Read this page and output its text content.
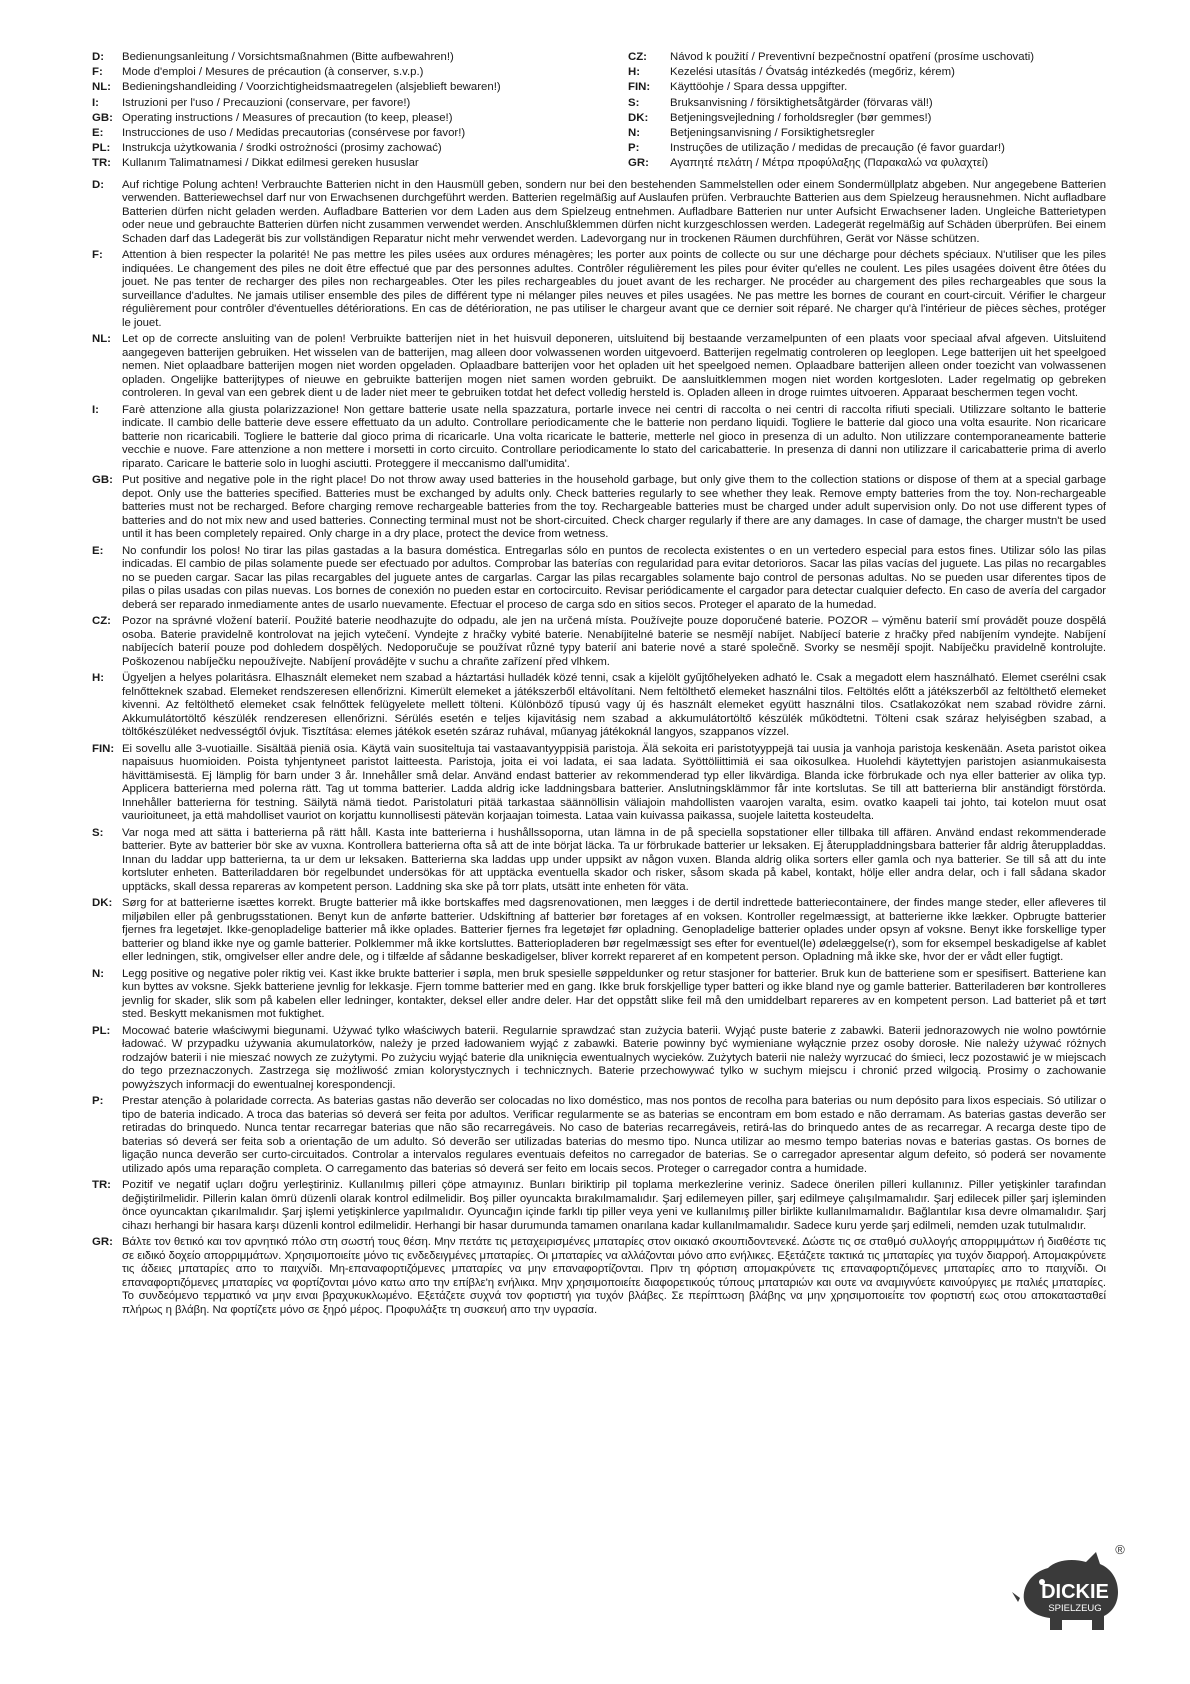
D:	Bedienungsanleitung / Vorsichtsmaßnahmen (Bitte aufbewahren!)
F:	Mode d'emploi / Mesures de précaution (à conserver, s.v.p.)
NL: Bedieningshandleiding / Voorzichtigheidsmaatregelen (alsjeblieft bewaren!)
I:	Istruzioni per l'uso / Precauzioni (conservare, per favore!)
GB: Operating instructions / Measures of precaution (to keep, please!)
E:	Instrucciones de uso / Medidas precautorias (consérvese por favor!)
PL:	Instrukcja użytkowania / środki ostrożności (prosimy zachować)
TR: Kullanım Talimatnamesi / Dikkat edilmesi gereken hususlar
CZ:	Návod k použití / Preventivní bezpečnostní opatření (prosíme uschovati)
H:	Kezelési utasítás / Óvatság intézkedés (megőriz, kérem)
FIN:	Käyttöohje / Spara dessa uppgifter.
S:	Bruksanvisning / försiktighetsåtgärder (förvaras väl!)
DK:	Betjeningsvejledning / forholdsregler (bør gemmes!)
N:	Betjeningsanvisning / Forsiktighetsregler
P:	Instruções de utilização / medidas de precaução (é favor guardar!)
GR:	Αγαπητέ πελάτη / Μέτρα προφύλαξης (Παρακαλώ να φυλαχτεί)
D:	Auf richtige Polung achten! Verbrauchte Batterien nicht in den Hausmüll geben, sondern nur bei den bestehenden Sammelstellen oder einem Sondermüllplatz abgeben. Nur angegebene Batterien verwenden. Batteriewechsel darf nur von Erwachsenen durchgeführt werden. Batterien regelmäßig auf Auslaufen prüfen. Verbrauchte Batterien aus dem Spielzeug herausnehmen. Nicht aufladbare Batterien dürfen nicht geladen werden. Aufladbare Batterien vor dem Laden aus dem Spielzeug entnehmen. Aufladbare Batterien nur unter Aufsicht Erwachsener laden. Ungleiche Batterietypen oder neue und gebrauchte Batterien dürfen nicht zusammen verwendet werden. Anschlußklemmen dürfen nicht kurzgeschlossen werden. Ladegerät regelmäßig auf Schäden überprüfen. Bei einem Schaden darf das Ladegerät bis zur vollständigen Reparatur nicht mehr verwendet werden. Ladevorgang nur in trockenen Räumen durchführen, Gerät vor Nässe schützen.
F:	Attention à bien respecter la polarité! Ne pas mettre les piles usées aux ordures ménagères; les porter aux points de collecte ou sur une décharge pour déchets spéciaux. N'utiliser que les piles indiquées. Le changement des piles ne doit être effectué que par des personnes adultes. Contrôler régulièrement les piles pour éviter qu'elles ne coulent. Les piles usagées doivent être ôtées du jouet. Ne pas tenter de recharger des piles non rechargeables. Oter les piles rechargeables du jouet avant de les recharger. Ne procéder au chargement des piles rechargeables que sous la surveillance d'adultes. Ne jamais utiliser ensemble des piles de différent type ni mélanger piles neuves et piles usagées. Ne pas mettre les bornes de courant en court-circuit. Vérifier le chargeur régulièrement pour contrôler d'éventuelles détériorations. En cas de détérioration, ne pas utiliser le chargeur avant que ce dernier soit réparé. Ne charger qu'à l'intérieur de pièces sèches, protéger le jouet.
NL: Let op de correcte ansluiting van de polen! Verbruikte batterijen niet in het huisvuil deponeren, uitsluitend bij bestaande verzamelpunten of een plaats voor speciaal afval afgeven. Uitsluitend aangegeven batterijen gebruiken. Het wisselen van de batterijen, mag alleen door volwassenen worden uitgevoerd. Batterijen regelmatig controleren op leeglopen. Lege batterijen uit het speelgoed nemen. Niet oplaadbare batterijen mogen niet worden opgeladen. Oplaadbare batterijen voor het opladen uit het speelgoed nemen. Oplaadbare batterijen alleen onder toezicht van volwassenen opladen. Ongelijke batterijtypes of nieuwe en gebruikte batterijen mogen niet samen worden gebruikt. De aansluitklemmen mogen niet worden kortgesloten. Lader regelmatig op gebreken controleren. In geval van een gebrek dient u de lader niet meer te gebruiken totdat het defect volledig hersteld is. Opladen alleen in droge ruimtes uitvoeren. Apparaat beschermen tegen vocht.
I:	Farè attenzione alla giusta polarizzazione! Non gettare batterie usate nella spazzatura, portarle invece nei centri di raccolta o nei centri di raccolta rifiuti speciali. Utilizzare soltanto le batterie indicate. Il cambio delle batterie deve essere effettuato da un adulto. Controllare periodicamente che le batterie non perdano liquidi. Togliere le batterie dal gioco una volta esaurite. Non ricaricare batterie non ricaricabili. Togliere le batterie dal gioco prima di ricaricarle. Una volta ricaricate le batterie, metterle nel gioco in presenza di un adulto. Non utilizzare contemporaneamente batterie vecchie e nuove. Fare attenzione a non mettere i morsetti in corto circuito. Controllare periodicamente lo stato del caricabatterie. In presenza di danni non utilizzare il caricabatterie prima di averlo riparato. Caricare le batterie solo in luoghi asciutti. Proteggere il meccanismo dall'umidita'.
GB: Put positive and negative pole in the right place! Do not throw away used batteries in the household garbage, but only give them to the collection stations or dispose of them at a special garbage depot. Only use the batteries specified. Batteries must be exchanged by adults only. Check batteries regularly to see whether they leak. Remove empty batteries from the toy. Non-rechargeable batteries must not be recharged. Before charging remove rechargeable batteries from the toy. Rechargeable batteries must be charged under adult supervision only. Do not use different types of batteries and do not mix new and used batteries. Connecting terminal must not be short-circuited. Check charger regularly if there are any damages. In case of damage, the charger mustn't be used until it has been completely repaired. Only charge in a dry place, protect the device from wetness.
E:	No confundir los polos! No tirar las pilas gastadas a la basura doméstica. Entregarlas sólo en puntos de recolecta existentes o en un vertedero especial para estos fines. Utilizar sólo las pilas indicadas. El cambio de pilas solamente puede ser efectuado por adultos. Comprobar las baterías con regularidad para evitar detorioros. Sacar las pilas vacías del juguete. Las pilas no recargables no se pueden cargar. Sacar las pilas recargables del juguete antes de cargarlas. Cargar las pilas recargables solamente bajo control de personas adultas. No se pueden usar diferentes tipos de pilas o pilas usadas con pilas nuevas. Los bornes de conexión no pueden estar en cortocircuito. Revisar periódicamente el cargador para detectar cualquier defecto. En caso de avería del cargador deberá ser reparado inmediamente antes de usarlo nuevamente. Efectuar el proceso de carga sdo en sitios secos. Proteger el aparato de la humedad.
CZ: Pozor na správné vložení baterií. Použité baterie neodhazujte do odpadu, ale jen na určená místa. Používejte pouze doporučené baterie. POZOR – výměnu baterií smí provádět pouze dospělá osoba. Baterie pravidelně kontrolovat na jejich vytečení. Vyndejte z hračky vybité baterie. Nenabíjitelné baterie se nesmějí nabíjet. Nabíjecí baterie z hračky před nabíjením vyndejte. Nabíjení nabíjecích baterií pouze pod dohledem dospělých. Nedoporučuje se používat různé typy baterií ani baterie nové a staré společně. Svorky se nesmějí spojit. Nabíječku pravidelně kontrolujte. Poškozenou nabíječku nepoužívejte. Nabíjení provádějte v suchu a chraňte zařízení před vlhkem.
H:	Ügyeljen a helyes polaritásra. Elhasznált elemeket nem szabad a háztartási hulladék közé tenni, csak a kijelölt gyűjtőhelyeken adható le. Csak a megadott elem használható. Elemet cserélni csak felnőtteknek szabad. Elemeket rendszeresen ellenőrizni. Kimerült elemeket a játékszerből eltávolítani. Nem feltölthető elemeket használni tilos. Feltöltés előtt a játékszerből az feltölthető elemeket kivenni. Az feltölthető elemeket csak felnőttek felügyelete mellett tölteni. Különböző típusú vagy új és használt elemeket együtt használni tilos. Csatlakozókat nem szabad rövidre zárni. Akkumulátortöltő készülék rendzeresen ellenőrizni. Sérülés esetén e teljes kijavitásig nem szabad a akkumulátortöltő készülék működtetni. Tölteni csak száraz helyiségben szabad, a töltőkészüléket nedvességtől óvjuk. Tisztítása: elemes játékok esetén száraz ruhával, műanyag játékoknál langyos, szappanos vízzel.
FIN: Ei sovellu alle 3-vuotiaille. Sisältää pieniä osia. Käytä vain suositeltuja tai vastaavantyyppisiä paristoja. Älä sekoita eri paristotyyppejä tai uusia ja vanhoja paristoja keskenään. Aseta paristot oikea napaisuus huomioiden. Poista tyhjentyneet paristot laitteesta. Paristoja, joita ei voi ladata, ei saa ladata. Syöttöliittimiä ei saa oikosulkea. Huolehdi käytettyjen paristojen asianmukaisesta hävittämisestä. Ej lämplig för barn under 3 år. Innehåller små delar. Använd endast batterier av rekommenderad typ eller likvärdiga. Blanda icke förbrukade och nya eller batterier av olika typ. Applicera batterierna med polerna rätt. Tag ut tomma batterier. Ladda aldrig icke laddningsbara batterier. Anslutningsklämmor får inte kortslutas. Se till att batterierna blir anständigt förstörda. Innehåller batterierna för testning. Säilytä nämä tiedot. Paristolaturi pitää tarkastaa säännöllisin väliajoin mahdollisten vaarojen varalta, esim. ovatko kaapeli tai johto, tai kotelon muut osat vaurioituneet, ja että mahdolliset vauriot on korjattu kunnollisesti pätevän korjaajan toimesta. Lataa vain kuivassa paikassa, suojele laitetta kosteudelta.
S:	Var noga med att sätta i batterierna på rätt håll. Kasta inte batterierna i hushållssoporna, utan lämna in de på speciella sopstationer eller tillbaka till affären. Använd endast rekommenderade batterier. Byte av batterier bör ske av vuxna. Kontrollera batterierna ofta så att de inte börjat läcka. Ta ur förbrukade batterier ur leksaken. Ej återuppladdningsbara batterier får aldrig återuppladdas. Innan du laddar upp batterierna, ta ur dem ur leksaken. Batterierna ska laddas upp under uppsikt av någon vuxen. Blanda aldrig olika sorters eller gamla och nya batterier. Se till så att du inte kortsluter enheten. Batteriladdaren bör regelbundet undersökas för att upptäcka eventuella skador och risker, såsom skada på kabel, kontakt, hölje eller andra delar, och i fall sådana skador upptäcks, skall dessa repareras av kompetent person. Laddning ska ske på torr plats, utsätt inte enheten för väta.
DK: Sørg for at batterierne isættes korrekt. Brugte batterier må ikke bortskaffes med dagsrenovationen, men lægges i de dertil indrettede batteriecontainere, der findes mange steder, eller afleveres til miljøbilen eller på genbrugsstationen. Benyt kun de anførte batterier. Udskiftning af batterier bør foretages af en voksen. Kontroller regelmæssigt, at batterierne ikke lækker. Opbrugte batterier fjernes fra legetøjet. Ikke-genopladelige batterier må ikke oplades. Batterier fjernes fra legetøjet før opladning. Genopladelige batterier oplades under opsyn af voksne. Benyt ikke forskellige typer batterier og bland ikke nye og gamle batterier. Polklemmer må ikke kortsluttes. Batteriopladeren bør regelmæssigt ses efter for eventuel(le) ødelæggelse(r), som for eksempel beskadigelse af kablet eller ledningen, stik, omgivelser eller andre dele, og i tilfælde af sådanne beskadigelser, bliver korrekt repareret af en kompetent person. Opladning må ikke ske, hvor der er vådt eller fugtigt.
N:	Legg positive og negative poler riktig vei. Kast ikke brukte batterier i søpla, men bruk spesielle søppeldunker og retur stasjoner for batterier. Bruk kun de batteriene som er spesifisert. Batteriene kan kun byttes av voksne. Sjekk batteriene jevnlig for lekkasje. Fjern tomme batterier med en gang. Ikke bruk forskjellige typer batteri og ikke bland nye og gamle batterier. Batteriladeren bør kontrolleres jevnlig for skader, slik som på kabelen eller ledninger, kontakter, deksel eller andre deler. Har det oppstått slike feil må den umiddelbart repareres av en kompetent person. Lad batteriet på et tørt sted. Beskytt mekanismen mot fuktighet.
PL:	Mocować baterie właściwymi biegunami. Używać tylko właściwych baterii. Regularnie sprawdzać stan zużycia baterii. Wyjąć puste baterie z zabawki. Baterii jednorazowych nie wolno powtórnie ładować. W przypadku używania akumulatorków, należy je przed ładowaniem wyjąć z zabawki. Baterie powinny być wymieniane wyłącznie przez osoby dorosłe. Nie należy używać różnych rodzajów baterii i nie mieszać nowych ze zużytymi. Po zużyciu wyjąć baterie dla uniknięcia ewentualnych wycieków. Zużytych baterii nie należy wyrzucać do śmieci, lecz pozostawić je w miejscach do tego przeznaczonych. Zastrzega się możliwość zmian kolorystycznych i technicznych. Baterie przechowywać tylko w suchym miejscu i chronić przed wilgocią. Prosimy o zachowanie powyższych informacji do ewentualnej korespondencji.
P:	Prestar atenção à polaridade correcta. As baterias gastas não deverão ser colocadas no lixo doméstico, mas nos pontos de recolha para baterias ou num depósito para lixos especiais. Só utilizar o tipo de bateria indicado. A troca das baterias só deverá ser feita por adultos. Verificar regularmente se as baterias se encontram em bom estado e não derramam. As baterias gastas deverão ser retiradas do brinquedo. Nunca tentar recarregar baterias que não são recarregáveis. No caso de baterias recarregáveis, retirá-las do brinquedo antes de as recarregar. A recarga deste tipo de baterias só deverá ser feita sob a orientação de um adulto. Só deverão ser utilizadas baterias do mesmo tipo. Nunca utilizar ao mesmo tempo baterias novas e baterias gastas. Os bornes de ligação nunca deverão ser curto-circuitados. Controlar a intervalos regulares eventuais defeitos no carregador de baterias. Se o carregador apresentar algum defeito, só poderá ser novamente utilizado após uma reparação completa. O carregamento das baterias só deverá ser feito em locais secos. Proteger o carregador contra a humidade.
TR: Pozitif ve negatif uçları doğru yerleştiriniz. Kullanılmış pilleri çöpe atmayınız. Bunları biriktirip pil toplama merkezlerine veriniz. Sadece önerilen pilleri kullanınız. Piller yetişkinler tarafından değiştirilmelidir. Pillerin kalan ömrü düzenli olarak kontrol edilmelidir. Boş piller oyuncakta bırakılmamalıdır. Şarj edilemeyen piller, şarj edilmeye çalışılmamalıdır. Şarj edilecek piller şarj işleminden önce oyuncaktan çıkarılmalıdır. Şarj işlemi yetişkinlerce yapılmalıdır. Oyuncağın içinde farklı tip piller veya yeni ve kullanılmış piller birlikte kullanılmamalıdır. Bağlantılar kısa devre olmamalıdır. Şarj cihazı herhangi bir hasara karşı düzenli kontrol edilmelidir. Herhangi bir hasar durumunda tamamen onarılana kadar kullanılmamalıdır. Sadece kuru yerde şarj edilmeli, nemden uzak tutulmalıdır.
GR: Βάλτε τον θετικό και τον αρνητικό πόλο στη σωστή τους θέση. Μην πετάτε τις μεταχειρισμένες μπαταρίες στον οικιακό σκουπιδοντενεκέ. Δώστε τις σε σταθμό συλλογής απορριμμάτων ή διαθέστε τις σε ειδικό δοχείο απορριμμάτων. Χρησιμοποιείτε μόνο τις ενδεδειγμένες μπαταρίες. Οι μπαταρίες να αλλάζονται μόνο απο ενήλικες. Εξετάζετε τακτικά τις μπαταρίες για τυχόν διαρροή. Απομακρύνετε τις άδειες μπαταρίες απο το παιχνίδι. Μη-επαναφορτιζόμενες μπαταρίες να μην επαναφορτίζονται. Πριν τη φόρτιση απομακρύνετε τις επαναφορτιζόμενες μπαταρίες απο το παιχνίδι. Οι επαναφορτιζόμενες μπαταρίες να φορτίζονται μόνο κατω απο την επίβλε'η ενήλικα. Μην χρησιμοποιείτε διαφορετικούς τύπους μπαταριών και ουτε να αναμιγνύετε καινούργιες με παλιές μπαταρίες. Το συνδεόμενο τερματικό να μην ειναι βραχυκυκλωμένο. Εξετάζετε συχνά τον φορτιστή για τυχόν βλάβες. Σε περίπτωση βλάβης να μην χρησιμοποιείτε τον φορτιστή εως οτου αποκατασταθεί πλήρως η βλάβη. Να φορτίζετε μόνο σε ξηρό μέρος. Προφυλάξτε τη συσκευή απο την υγρασία.
DICKIE
SPIELZEUG
®
